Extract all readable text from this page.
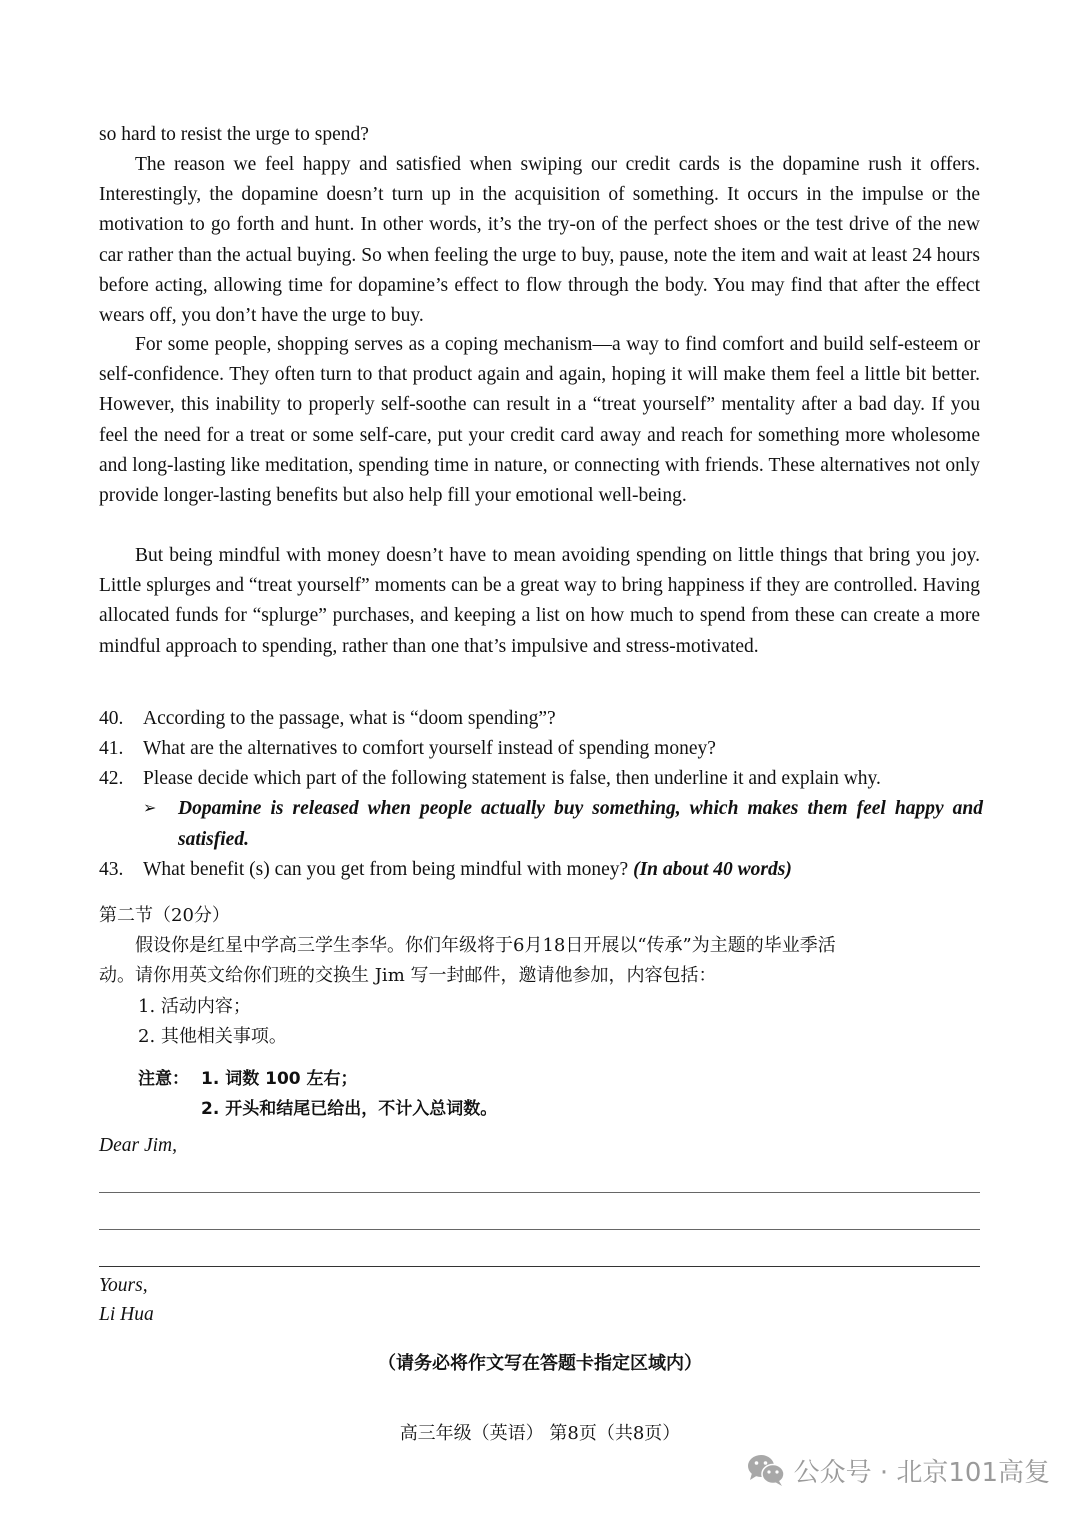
so hard to resist the urge to spend?

The reason we feel happy and satisfied when swiping our credit cards is the dopamine rush it offers. Interestingly, the dopamine doesn’t turn up in the acquisition of something. It occurs in the impulse or the motivation to go forth and hunt. In other words, it’s the try-on of the perfect shoes or the test drive of the new car rather than the actual buying. So when feeling the urge to buy, pause, note the item and wait at least 24 hours before acting, allowing time for dopamine’s effect to flow through the body. You may find that after the effect wears off, you don’t have the urge to buy.

For some people, shopping serves as a coping mechanism—a way to find comfort and build self-esteem or self-confidence. They often turn to that product again and again, hoping it will make them feel a little bit better. However, this inability to properly self-soothe can result in a “treat yourself” mentality after a bad day. If you feel the need for a treat or some self-care, put your credit card away and reach for something more wholesome and long-lasting like meditation, spending time in nature, or connecting with friends. These alternatives not only provide longer-lasting benefits but also help fill your emotional well-being.

But being mindful with money doesn’t have to mean avoiding spending on little things that bring you joy. Little splurges and “treat yourself” moments can be a great way to bring happiness if they are controlled. Having allocated funds for “splurge” purchases, and keeping a list on how much to spend from these can create a more mindful approach to spending, rather than one that’s impulsive and stress-motivated.

40. According to the passage, what is “doom spending”?

41. What are the alternatives to comfort yourself instead of spending money?

42. Please decide which part of the following statement is false, then underline it and explain why.

➢	Dopamine is released when people actually buy something, which makes them feel happy and satisfied.

43. What benefit (s) can you get from being mindful with money? (In about 40 words)

第二节（20分）

假设你是红星中学高三学生李华。你们年级将于6月18日开展以“传承”为主题的毕业季活

动。请你用英文给你们班的交换生 Jim 写一封邮件，邀请他参加，内容包括：

1. 活动内容；

2. 其他相关事项。

注意： 1. 词数 100 左右；

2. 开头和结尾已给出，不计入总词数。

Dear Jim,

Yours,

Li Hua

（请务必将作文写在答题卡指定区域内）

高三年级（英语） 第8页（共8页）

公众号 · 北京101高复
